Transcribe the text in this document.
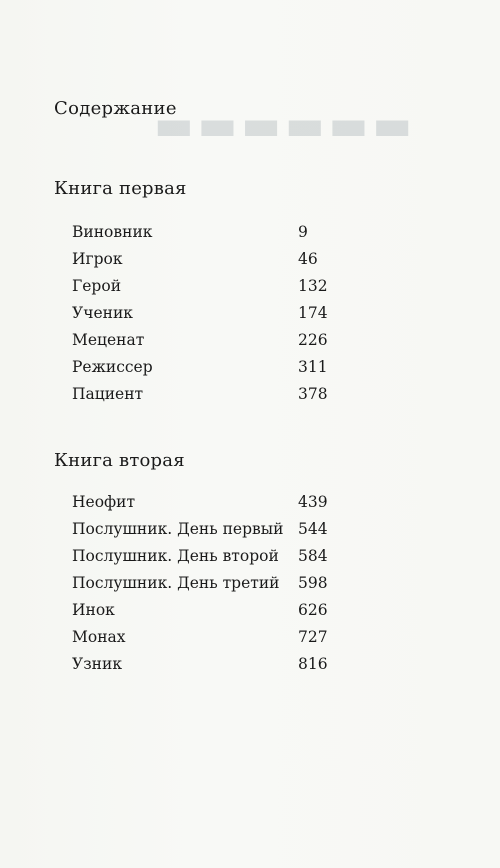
▬▬▬▬▬▬
Содержание
Книга первая
Виновник	9
Игрок	46
Герой	132
Ученик	174
Меценат	226
Режиссер	311
Пациент	378
Книга вторая
Неофит	439
Послушник. День первый 544
Послушник. День второй 584
Послушник. День третий 598
Инок	626
Монах	727
Узник	816
